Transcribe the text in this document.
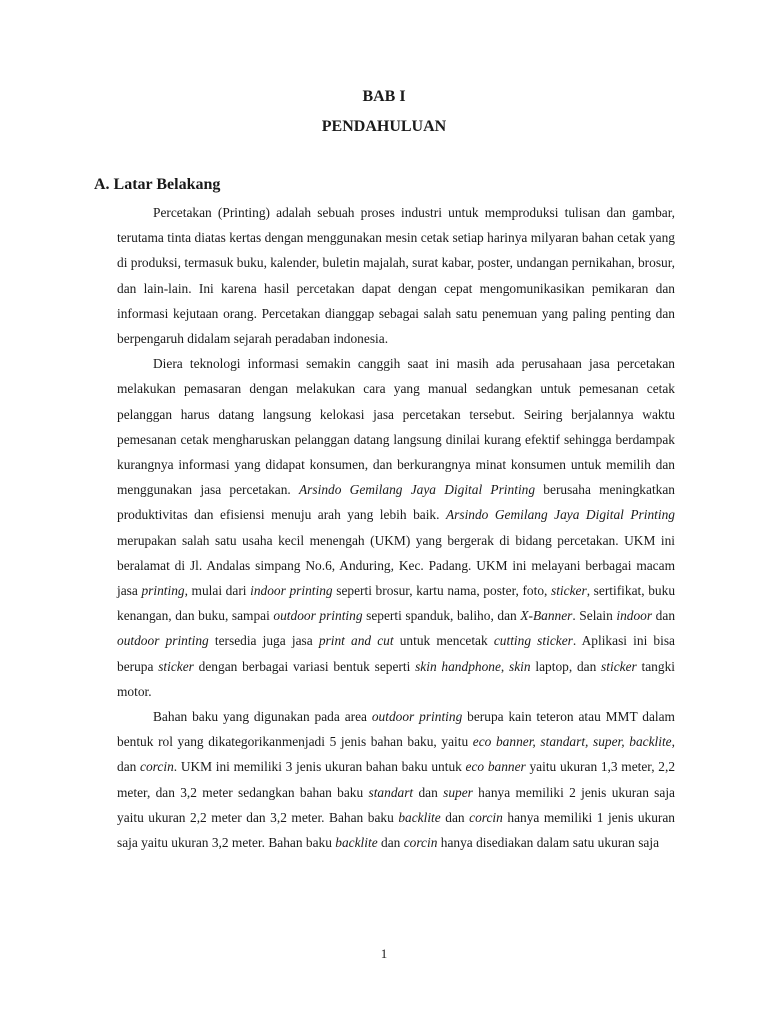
BAB I
PENDAHULUAN
A. Latar Belakang

Percetakan (Printing) adalah sebuah proses industri untuk memproduksi tulisan dan gambar, terutama tinta diatas kertas dengan menggunakan mesin cetak setiap harinya milyaran bahan cetak yang di produksi, termasuk buku, kalender, buletin majalah, surat kabar, poster, undangan pernikahan, brosur, dan lain-lain. Ini karena hasil percetakan dapat dengan cepat mengomunikasikan pemikaran dan informasi kejutaan orang. Percetakan dianggap sebagai salah satu penemuan yang paling penting dan berpengaruh didalam sejarah peradaban indonesia.

Diera teknologi informasi semakin canggih saat ini masih ada perusahaan jasa percetakan melakukan pemasaran dengan melakukan cara yang manual sedangkan untuk pemesanan cetak pelanggan harus datang langsung kelokasi jasa percetakan tersebut. Seiring berjalannya waktu pemesanan cetak mengharuskan pelanggan datang langsung dinilai kurang efektif sehingga berdampak kurangnya informasi yang didapat konsumen, dan berkurangnya minat konsumen untuk memilih dan menggunakan jasa percetakan. Arsindo Gemilang Jaya Digital Printing berusaha meningkatkan produktivitas dan efisiensi menuju arah yang lebih baik. Arsindo Gemilang Jaya Digital Printing merupakan salah satu usaha kecil menengah (UKM) yang bergerak di bidang percetakan. UKM ini beralamat di Jl. Andalas simpang No.6, Anduring, Kec. Padang. UKM ini melayani berbagai macam jasa printing, mulai dari indoor printing seperti brosur, kartu nama, poster, foto, sticker, sertifikat, buku kenangan, dan buku, sampai outdoor printing seperti spanduk, baliho, dan X-Banner. Selain indoor dan outdoor printing tersedia juga jasa print and cut untuk mencetak cutting sticker. Aplikasi ini bisa berupa sticker dengan berbagai variasi bentuk seperti skin handphone, skin laptop, dan sticker tangki motor.

Bahan baku yang digunakan pada area outdoor printing berupa kain teteron atau MMT dalam bentuk rol yang dikategorikanmenjadi 5 jenis bahan baku, yaitu eco banner, standart, super, backlite, dan corcin. UKM ini memiliki 3 jenis ukuran bahan baku untuk eco banner yaitu ukuran 1,3 meter, 2,2 meter, dan 3,2 meter sedangkan bahan baku standart dan super hanya memiliki 2 jenis ukuran saja yaitu ukuran 2,2 meter dan 3,2 meter. Bahan baku backlite dan corcin hanya memiliki 1 jenis ukuran saja yaitu ukuran 3,2 meter. Bahan baku backlite dan corcin hanya disediakan dalam satu ukuran saja

1
